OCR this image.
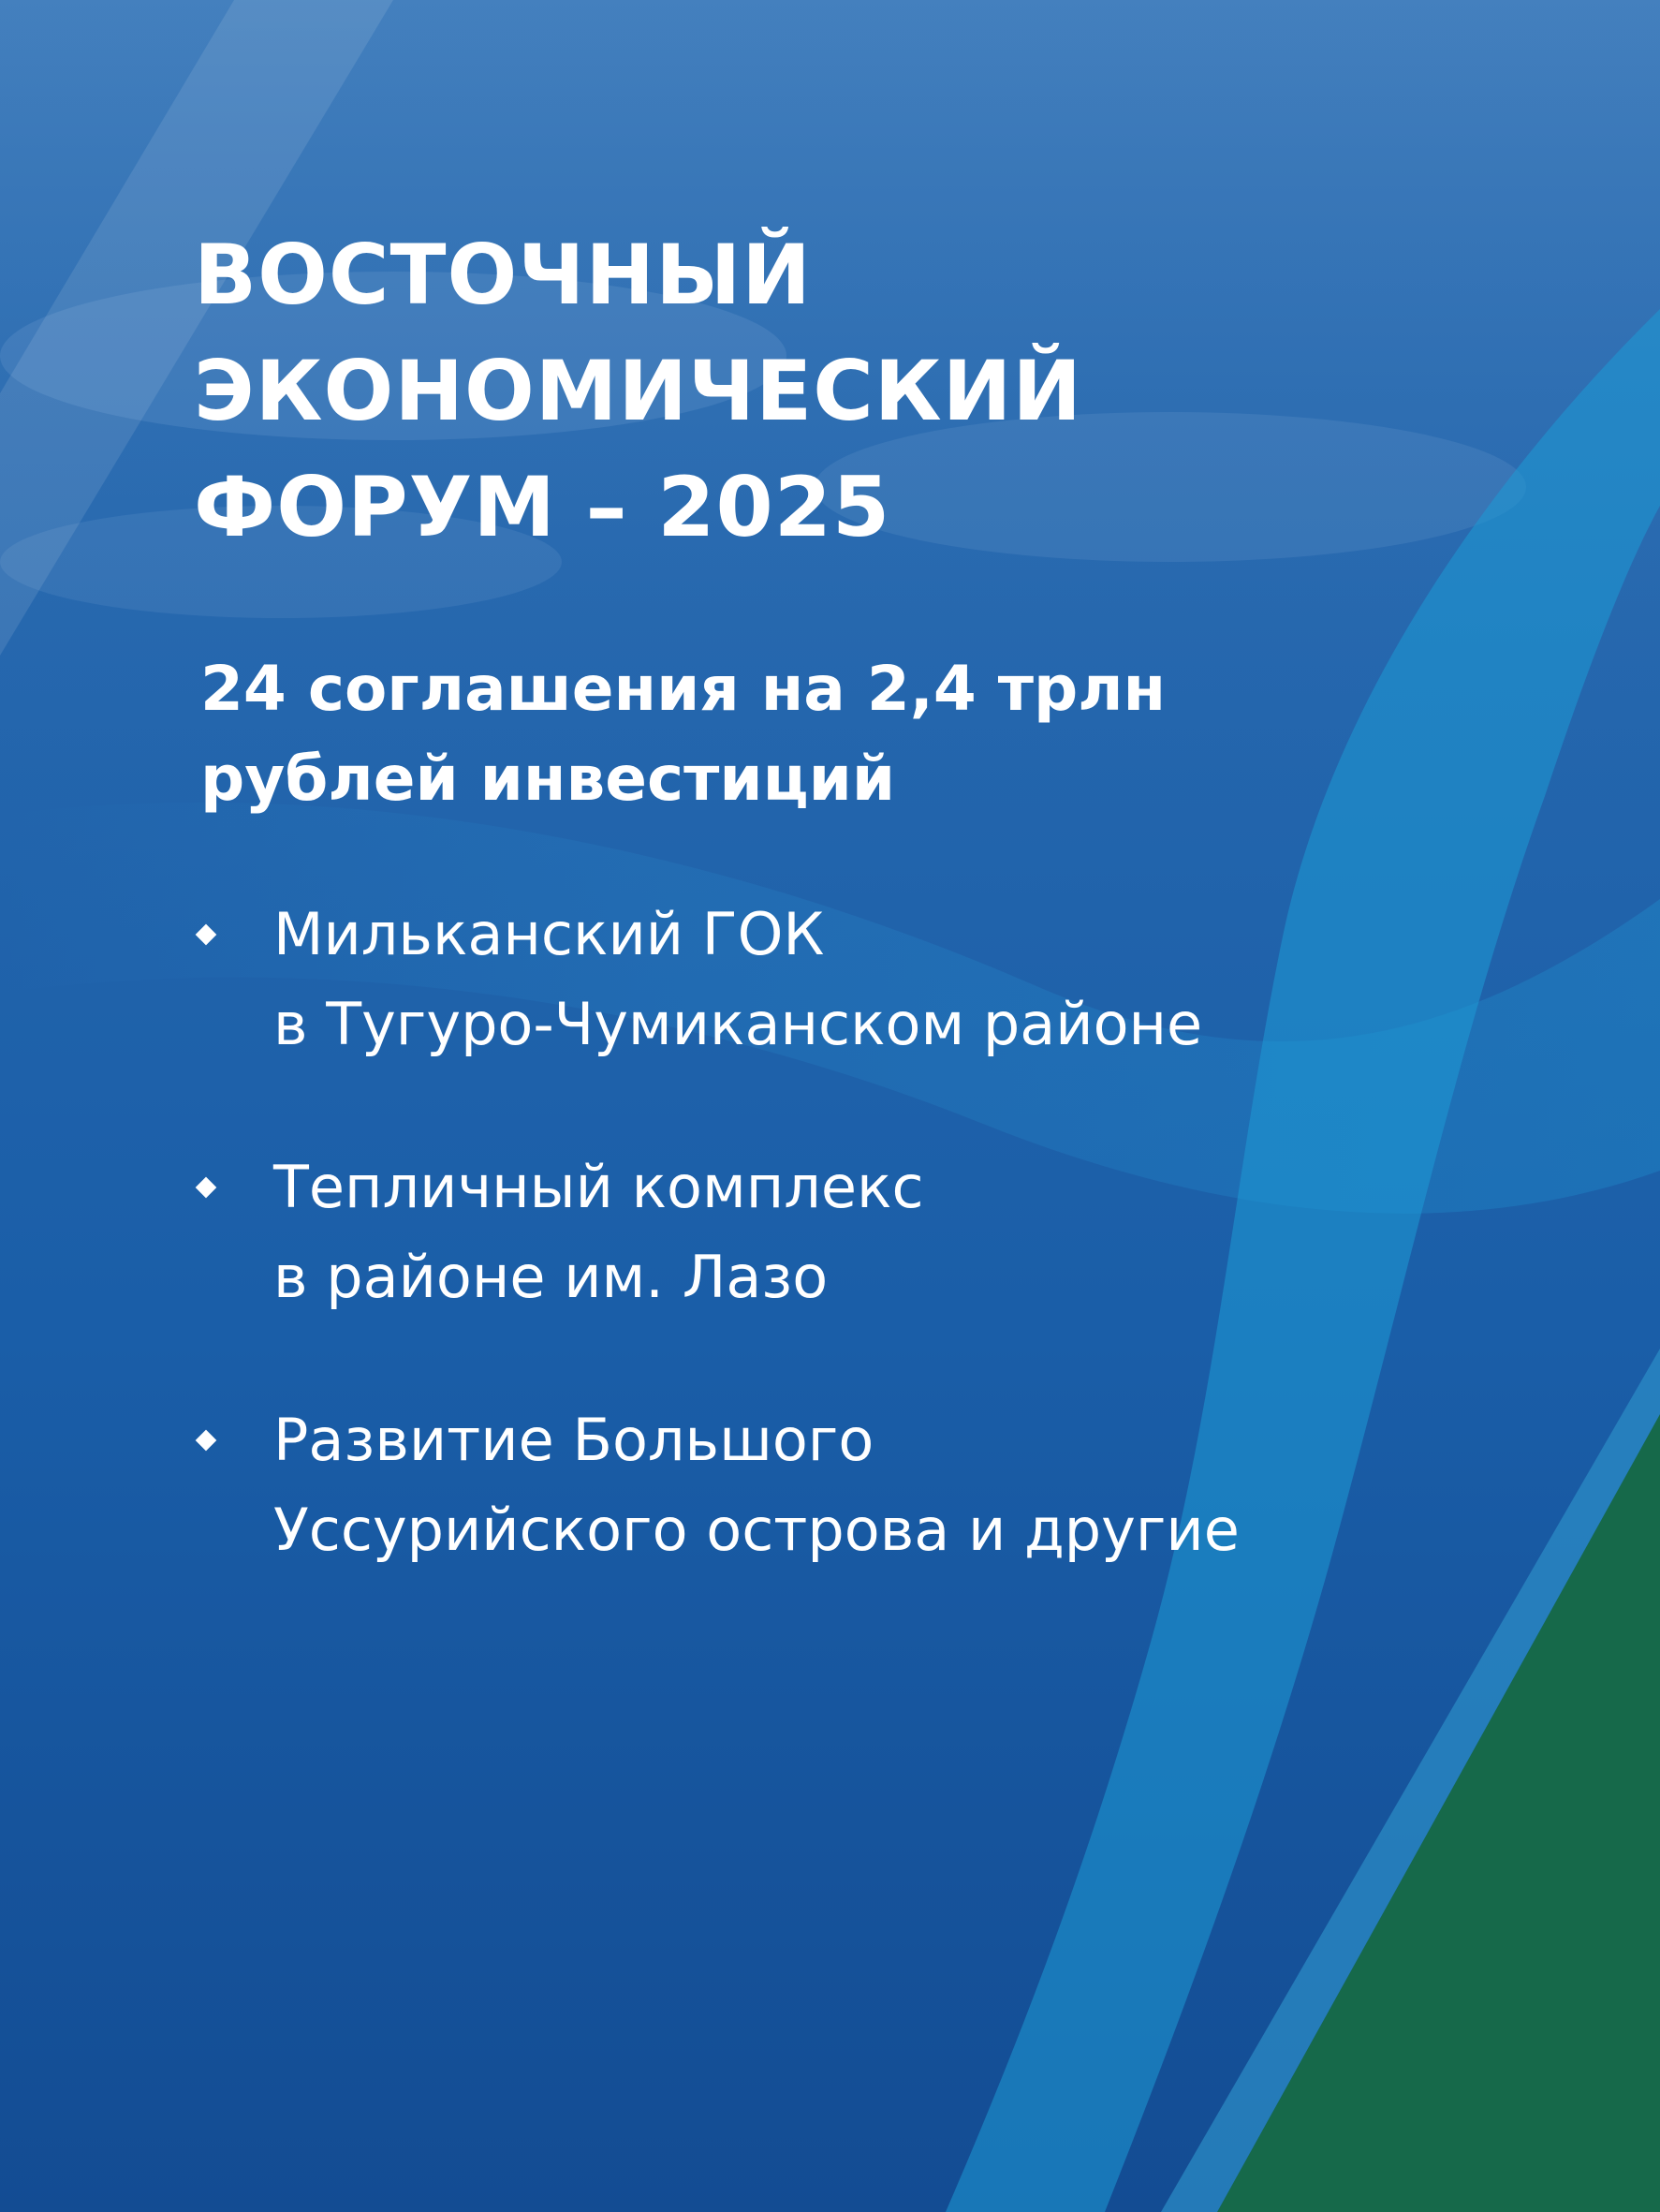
ВОСТОЧНЫЙ
ЭКОНОМИЧЕСКИЙ
ФОРУМ – 2025
24 соглашения на 2,4 трлн
рублей инвестиций
Мильканский ГОК
в Тугуро-Чумиканском районе
Тепличный комплекс
в районе им. Лазо
Развитие Большого
Уссурийского острова и другие
